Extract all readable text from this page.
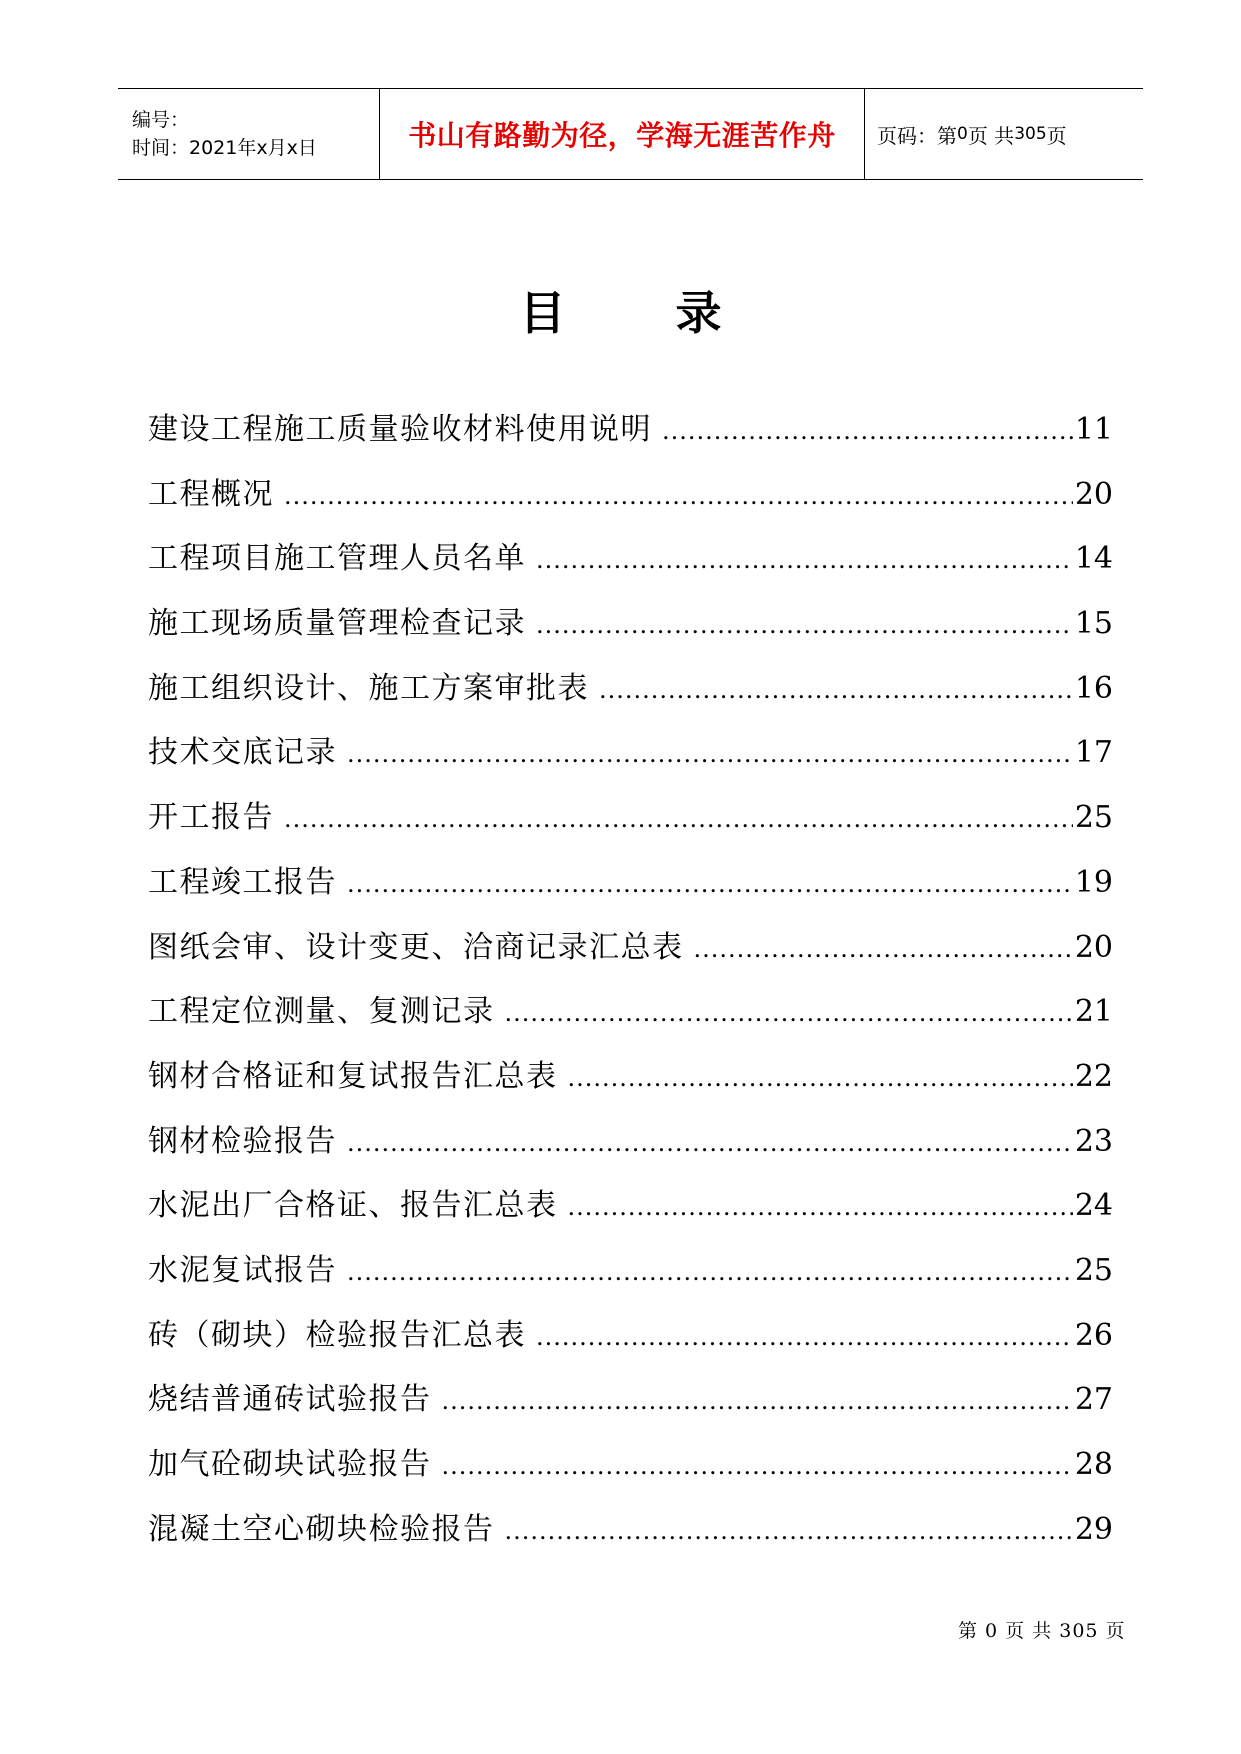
编号：
时间：2021年x月x日	书山有路勤为径，学海无涯苦作舟	页码：第 0 页 共 305 页
目 录
建设工程施工质量验收材料使用说明 .....	11
工程概况 .....	20
工程项目施工管理人员名单 .....	14
施工现场质量管理检查记录 .....	15
施工组织设计、施工方案审批表 .....	16
技术交底记录 .....	17
开工报告 .....	25
工程竣工报告 .....	19
图纸会审、设计变更、洽商记录汇总表 .....	20
工程定位测量、复测记录 .....	21
钢材合格证和复试报告汇总表 .....	22
钢材检验报告 .....	23
水泥出厂合格证、报告汇总表 .....	24
水泥复试报告 .....	25
砖（砌块）检验报告汇总表 .....	26
烧结普通砖试验报告 .....	27
加气砼砌块试验报告 .....	28
混凝土空心砌块检验报告 .....	29
第 0 页 共 305 页
